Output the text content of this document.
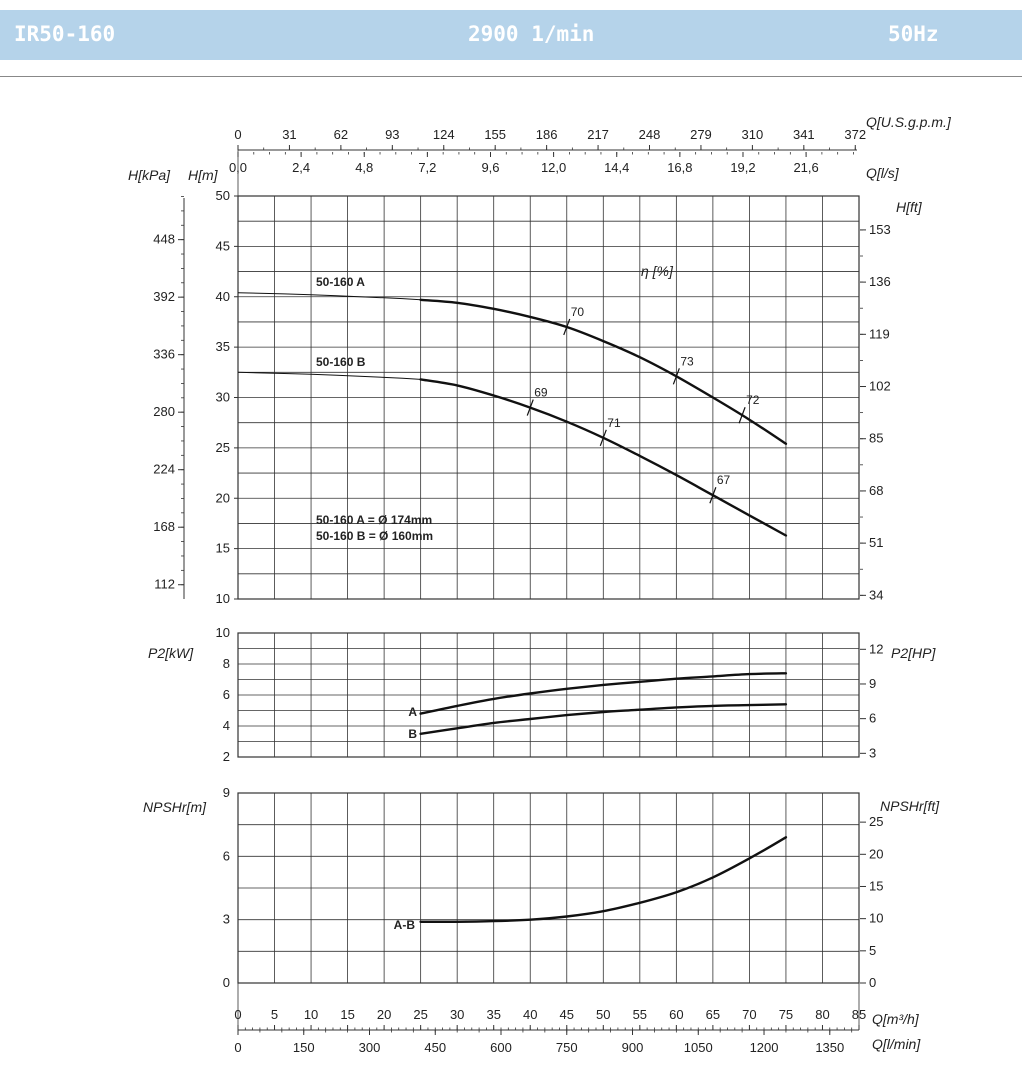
IR50-160	2900 1/min	50Hz
10
15
20
25
30
35
40
45
50
2
4
6
8
10
0
3
6
9
112
168
224
280
336
392
448
34
51
68
85
102
119
136
153
3
6
9
12
0
5
10
15
20
25
0	31	62	93	124 155 186 217 248 279 310 341 372
0,0	2,4	4,8	7,2	9,6	12,0	14,4	16,8	19,2	21,6
0 5 10 15 20 25 30 35 40 45 50 55 60 65 70 75 80 85
0	150	300	450	600	750	900	1050	1200	1350
Q[U.S.g.p.m.]
Q[l/s]
H[kPa] H[m]
H[ft]
η [%]
P2[kW]	P2[HP]
NPSHr[m]	NPSHr[ft]
Q[m³/h]
Q[l/min]
70
73
72
69
71
67
50-160 A
50-160 B
50-160 A = Ø 174mm
50-160 B = Ø 160mm
A
B
A-B
